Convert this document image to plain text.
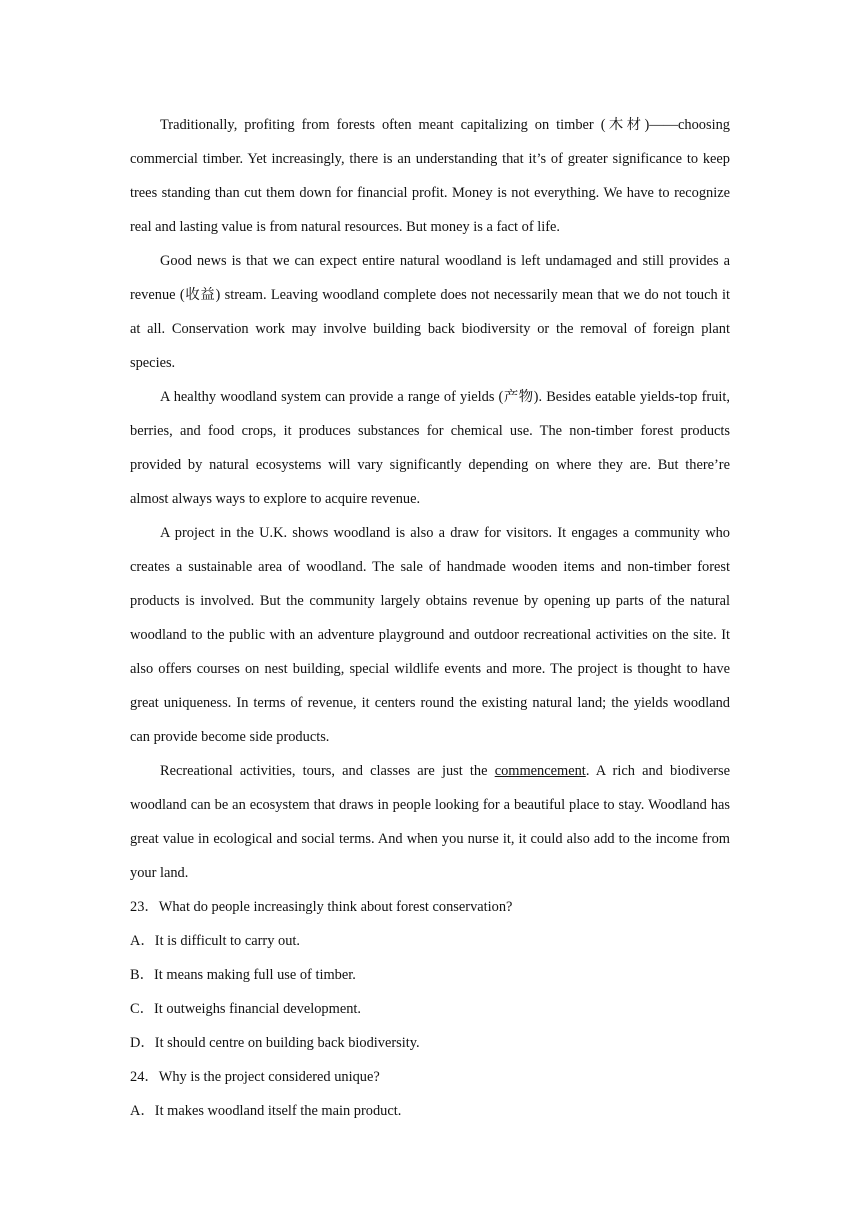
Traditionally, profiting from forests often meant capitalizing on timber (木材)——choosing commercial timber. Yet increasingly, there is an understanding that it’s of greater significance to keep trees standing than cut them down for financial profit. Money is not everything. We have to recognize real and lasting value is from natural resources. But money is a fact of life.

Good news is that we can expect entire natural woodland is left undamaged and still provides a revenue (收益) stream. Leaving woodland complete does not necessarily mean that we do not touch it at all. Conservation work may involve building back biodiversity or the removal of foreign plant species.

A healthy woodland system can provide a range of yields (产物). Besides eatable yields-top fruit, berries, and food crops, it produces substances for chemical use. The non-timber forest products provided by natural ecosystems will vary significantly depending on where they are. But there’re almost always ways to explore to acquire revenue.

A project in the U.K. shows woodland is also a draw for visitors. It engages a community who creates a sustainable area of woodland. The sale of handmade wooden items and non-timber forest products is involved. But the community largely obtains revenue by opening up parts of the natural woodland to the public with an adventure playground and outdoor recreational activities on the site. It also offers courses on nest building, special wildlife events and more. The project is thought to have great uniqueness. In terms of revenue, it centers round the existing natural land; the yields woodland can provide become side products.

Recreational activities, tours, and classes are just the commencement. A rich and biodiverse woodland can be an ecosystem that draws in people looking for a beautiful place to stay. Woodland has great value in ecological and social terms. And when you nurse it, it could also add to the income from your land.

23．What do people increasingly think about forest conservation?

A．It is difficult to carry out.

B．It means making full use of timber.

C．It outweighs financial development.

D．It should centre on building back biodiversity.

24．Why is the project considered unique?

A．It makes woodland itself the main product.
